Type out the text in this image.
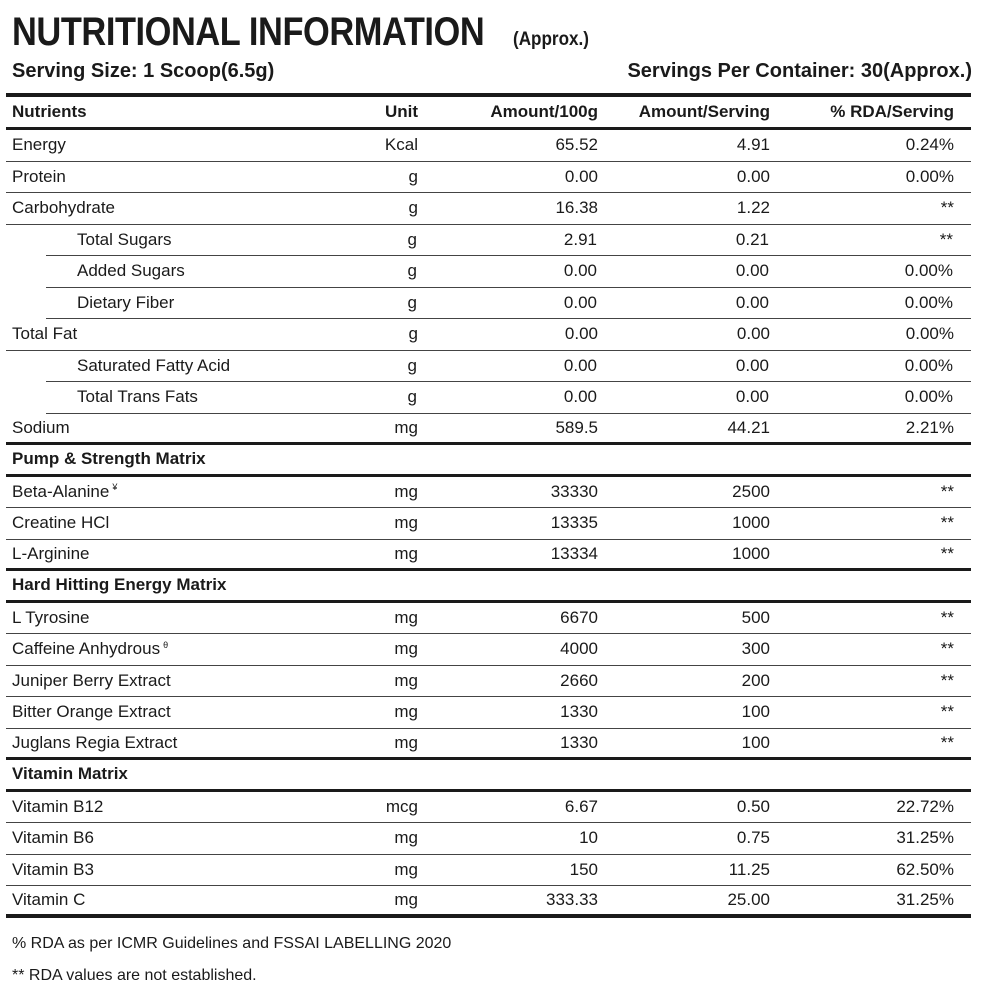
NUTRITIONAL INFORMATION (Approx.)
Serving Size: 1 Scoop(6.5g)	Servings Per Container: 30(Approx.)
Nutrients	Unit	Amount/100g	Amount/Serving	% RDA/Serving
Energy	Kcal	65.52	4.91	0.24%
Protein	g	0.00	0.00	0.00%
Carbohydrate	g	16.38	1.22	**
Total Sugars	g	2.91	0.21	**
Added Sugars	g	0.00	0.00	0.00%
Dietary Fiber	g	0.00	0.00	0.00%
Total Fat	g	0.00	0.00	0.00%
Saturated Fatty Acid	g	0.00	0.00	0.00%
Total Trans Fats	g	0.00	0.00	0.00%
Sodium	mg	589.5	44.21	2.21%
Pump & Strength Matrix
Beta-Alanine ¥	mg	33330	2500	**
Creatine HCl	mg	13335	1000	**
L-Arginine	mg	13334	1000	**
Hard Hitting Energy Matrix
L Tyrosine	mg	6670	500	**
Caffeine Anhydrous $^\theta$	mg	4000	300	**
Juniper Berry Extract	mg	2660	200	**
Bitter Orange Extract	mg	1330	100	**
Juglans Regia Extract	mg	1330	100	**
Vitamin Matrix
Vitamin B12	mcg	6.67	0.50	22.72%
Vitamin B6	mg	10	0.75	31.25%
Vitamin B3	mg	150	11.25	62.50%
Vitamin C	mg	333.33	25.00	31.25%
% RDA as per ICMR Guidelines and FSSAI LABELLING 2020
** RDA values are not established.
